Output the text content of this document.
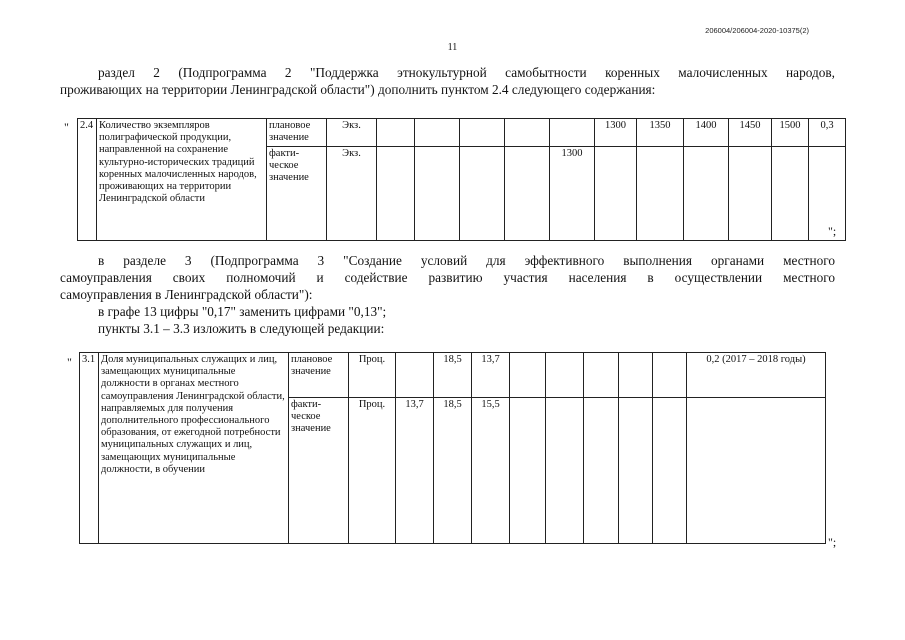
206004/206004-2020-10375(2)
11

раздел 2 (Подпрограмма 2 "Поддержка этнокультурной самобытности коренных малочисленных народов,

проживающих на территории Ленинградской области") дополнить пунктом 2.4 следующего содержания:

" 2.4	Количество экземпляров полиграфической продукции, направленной на сохранение культурно-исторических традиций коренных малочисленных народов, проживающих на территории Ленинградской области	плановое значение	Экз.						1300	1350	1400	1450	1500	0,3
		факти-ческое значение	Экз.					1300						
";

в разделе 3 (Подпрограмма 3 "Создание условий для эффективного выполнения органами местного

самоуправления своих полномочий и содействие развитию участия населения в осуществлении местного

самоуправления в Ленинградской области"):

в графе 13 цифры "0,17" заменить цифрами "0,13";

пункты 3.1 – 3.3 изложить в следующей редакции:

" 3.1	Доля муниципальных служащих и лиц, замещающих муниципальные должности в органах местного самоуправления Ленинградской области, направляемых для получения дополнительного профессионального образования, от ежегодной потребности муниципальных служащих и лиц, замещающих муниципальные должности, в обучении	плановое значение	Проц.		18,5	13,7						0,2 (2017 – 2018 годы)
		факти-ческое значение	Проц.	13,7	18,5	15,5						
";
